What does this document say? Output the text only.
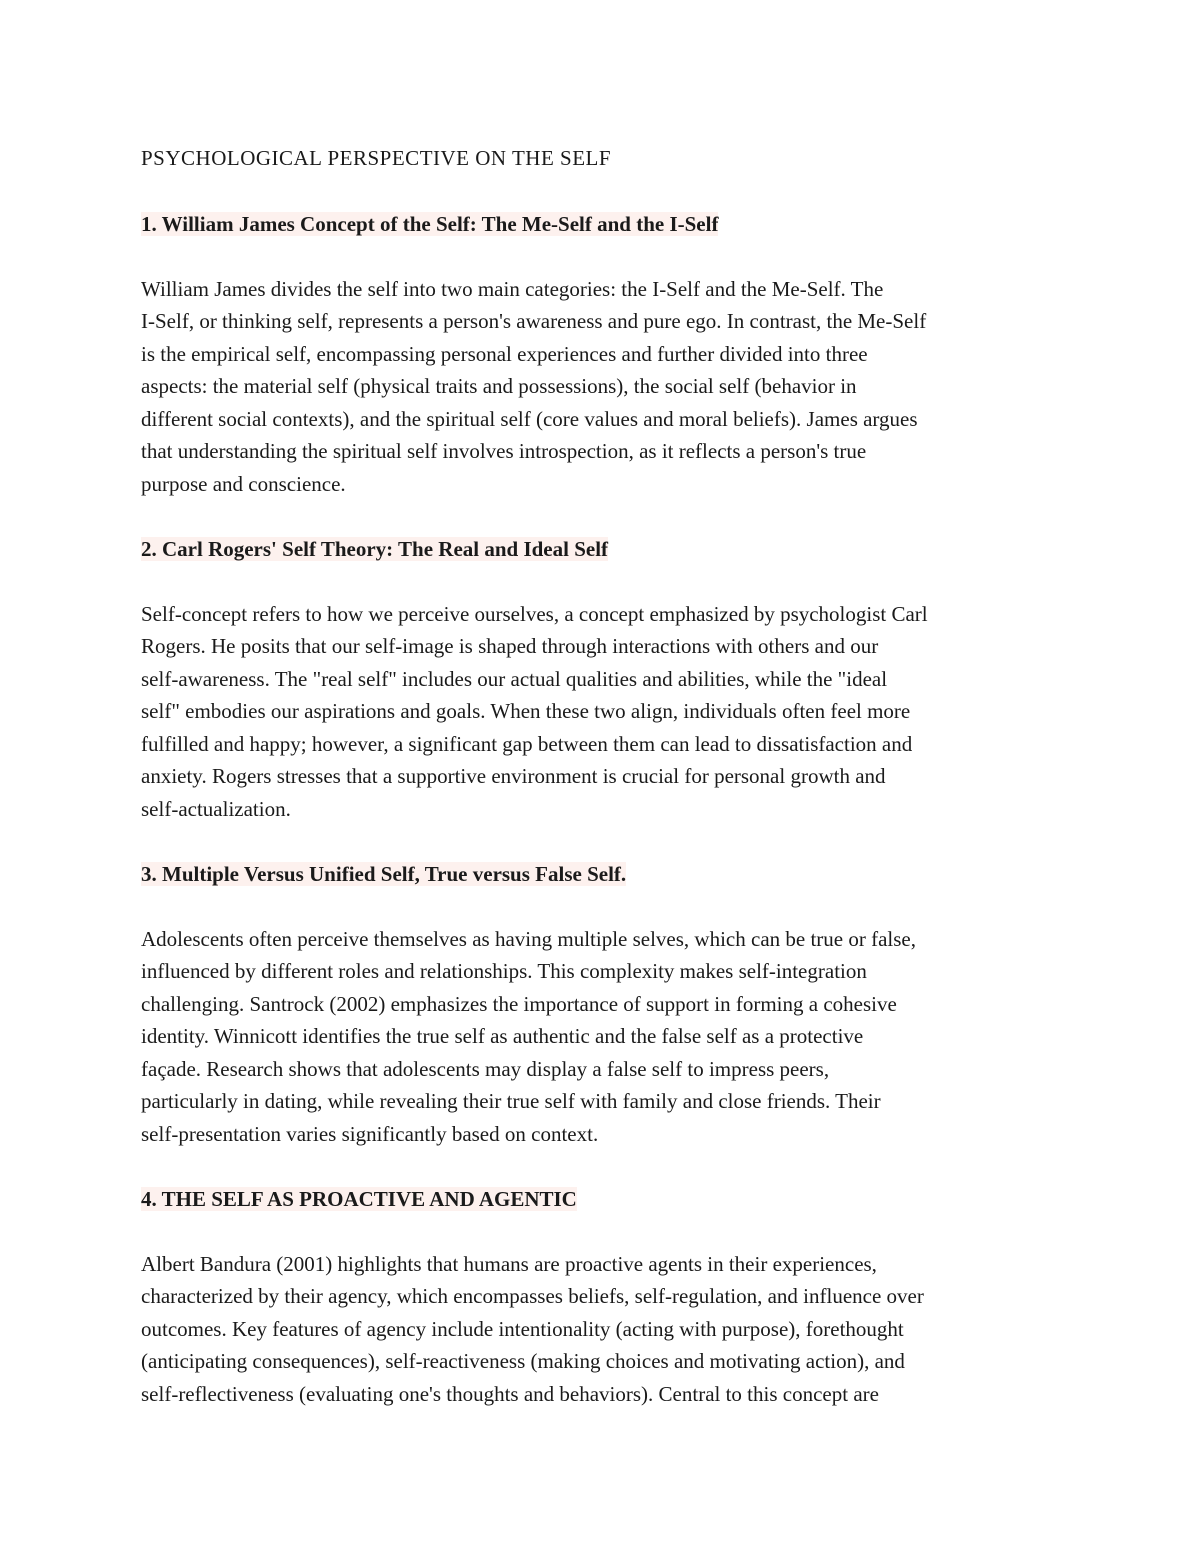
PSYCHOLOGICAL PERSPECTIVE ON THE SELF
1. William James Concept of the Self: The Me-Self and the I-Self

William James divides the self into two main categories: the I-Self and the Me-Self. The
I-Self, or thinking self, represents a person's awareness and pure ego. In contrast, the Me-Self
is the empirical self, encompassing personal experiences and further divided into three
aspects: the material self (physical traits and possessions), the social self (behavior in
different social contexts), and the spiritual self (core values and moral beliefs). James argues
that understanding the spiritual self involves introspection, as it reflects a person's true
purpose and conscience.

2. Carl Rogers' Self Theory: The Real and Ideal Self

Self-concept refers to how we perceive ourselves, a concept emphasized by psychologist Carl
Rogers. He posits that our self-image is shaped through interactions with others and our
self-awareness. The "real self" includes our actual qualities and abilities, while the "ideal
self" embodies our aspirations and goals. When these two align, individuals often feel more
fulfilled and happy; however, a significant gap between them can lead to dissatisfaction and
anxiety. Rogers stresses that a supportive environment is crucial for personal growth and
self-actualization.

3. Multiple Versus Unified Self, True versus False Self.

Adolescents often perceive themselves as having multiple selves, which can be true or false,
influenced by different roles and relationships. This complexity makes self-integration
challenging. Santrock (2002) emphasizes the importance of support in forming a cohesive
identity. Winnicott identifies the true self as authentic and the false self as a protective
façade. Research shows that adolescents may display a false self to impress peers,
particularly in dating, while revealing their true self with family and close friends. Their
self-presentation varies significantly based on context.

4. THE SELF AS PROACTIVE AND AGENTIC

Albert Bandura (2001) highlights that humans are proactive agents in their experiences,
characterized by their agency, which encompasses beliefs, self-regulation, and influence over
outcomes. Key features of agency include intentionality (acting with purpose), forethought
(anticipating consequences), self-reactiveness (making choices and motivating action), and
self-reflectiveness (evaluating one's thoughts and behaviors). Central to this concept are
